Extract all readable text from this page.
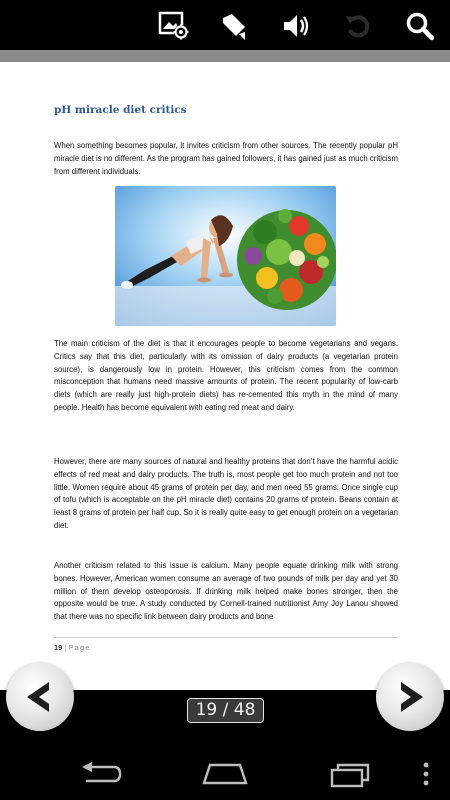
pH miracle diet critics

When something becomes popular, it invites criticism from other sources. The recently popular pH miracle diet is no different. As the program has gained followers, it has gained just as much criticism from different individuals.

The main criticism of the diet is that it encourages people to become vegetarians and vegans. Critics say that this diet, particularly with its omission of dairy products (a vegetarian protein source), is dangerously low in protein. However, this criticism comes from the common misconception that humans need massive amounts of protein. The recent popularity of low-carb diets (which are really just high-protein diets) has re-cemented this myth in the mind of many people. Health has become equivalent with eating red meat and dairy.

However, there are many sources of natural and healthy proteins that don’t have the harmful acidic effects of red meat and dairy products. The truth is, most people get too much protein and not too little. Women require about 45 grams of protein per day, and men need 55 grams. Once single cup of tofu (which is acceptable on the pH miracle diet) contains 20 grams of protein. Beans contain at least 8 grams of protein per half cup. So it is really quite easy to get enough protein on a vegetarian diet.

Another criticism related to this issue is calcium. Many people equate drinking milk with strong bones. However, American women consume an average of two pounds of milk per day and yet 30 million of them develop osteoporosis. If drinking milk helped make bones stronger, then the opposite would be true. A study conducted by Cornell-trained nutritionist Amy Joy Lanou showed that there was no specific link between dairy products and bone

19 | Page
19 / 48
